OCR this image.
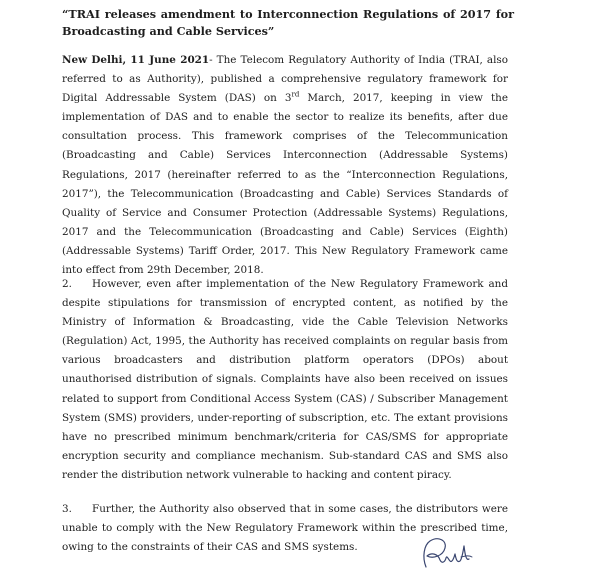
“TRAI releases amendment to Interconnection Regulations of 2017 for Broadcasting and Cable Services”

New Delhi, 11 June 2021- The Telecom Regulatory Authority of India (TRAI, also referred to as Authority), published a comprehensive regulatory framework for Digital Addressable System (DAS) on 3rd March, 2017, keeping in view the implementation of DAS and to enable the sector to realize its benefits, after due consultation process. This framework comprises of the Telecommunication (Broadcasting and Cable) Services Interconnection (Addressable Systems) Regulations, 2017 (hereinafter referred to as the “Interconnection Regulations, 2017”), the Telecommunication (Broadcasting and Cable) Services Standards of Quality of Service and Consumer Protection (Addressable Systems) Regulations, 2017 and the Telecommunication (Broadcasting and Cable) Services (Eighth) (Addressable Systems) Tariff Order, 2017. This New Regulatory Framework came into effect from 29th December, 2018.

2. However, even after implementation of the New Regulatory Framework and despite stipulations for transmission of encrypted content, as notified by the Ministry of Information & Broadcasting, vide the Cable Television Networks (Regulation) Act, 1995, the Authority has received complaints on regular basis from various broadcasters and distribution platform operators (DPOs) about unauthorised distribution of signals. Complaints have also been received on issues related to support from Conditional Access System (CAS) / Subscriber Management System (SMS) providers, under-reporting of subscription, etc. The extant provisions have no prescribed minimum benchmark/criteria for CAS/SMS for appropriate encryption security and compliance mechanism. Sub-standard CAS and SMS also render the distribution network vulnerable to hacking and content piracy.

3. Further, the Authority also observed that in some cases, the distributors were unable to comply with the New Regulatory Framework within the prescribed time, owing to the constraints of their CAS and SMS systems.
